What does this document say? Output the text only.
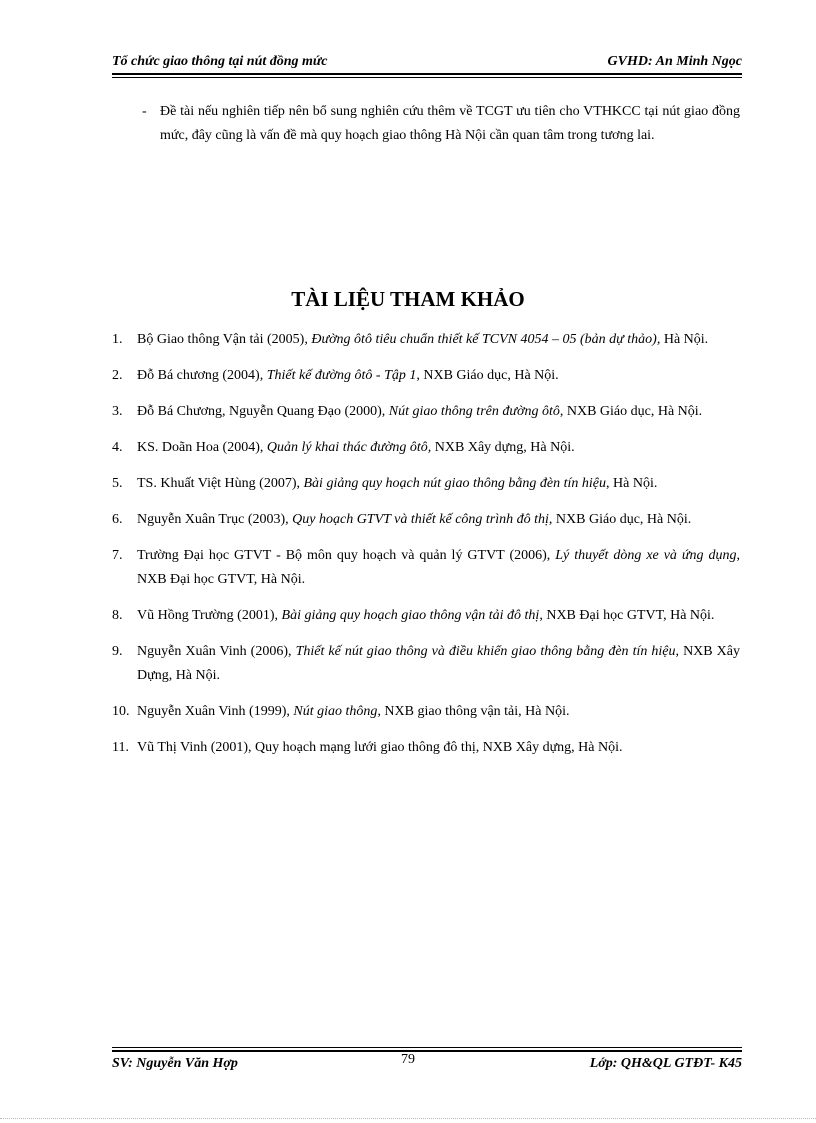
Tổ chức giao thông tại nút đồng mức	GVHD: An Minh Ngọc
- Đề tài nếu nghiên tiếp nên bổ sung nghiên cứu thêm về TCGT ưu tiên cho VTHKCC tại nút giao đồng mức, đây cũng là vấn đề mà quy hoạch giao thông Hà Nội cần quan tâm trong tương lai.
TÀI LIỆU THAM KHẢO
1. Bộ Giao thông Vận tải (2005), Đường ôtô tiêu chuẩn thiết kế TCVN 4054 – 05 (bản dự thảo), Hà Nội.
2. Đỗ Bá chương (2004), Thiết kế đường ôtô - Tập 1, NXB Giáo dục, Hà Nội.
3. Đỗ Bá Chương, Nguyễn Quang Đạo (2000), Nút giao thông trên đường ôtô, NXB Giáo dục, Hà Nội.
4. KS. Doãn Hoa (2004), Quản lý khai thác đường ôtô, NXB Xây dựng, Hà Nội.
5. TS. Khuất Việt Hùng (2007), Bài giảng quy hoạch nút giao thông bằng đèn tín hiệu, Hà Nội.
6. Nguyễn Xuân Trục (2003), Quy hoạch GTVT và thiết kế công trình đô thị, NXB Giáo dục, Hà Nội.
7. Trường Đại học GTVT - Bộ môn quy hoạch và quản lý GTVT (2006), Lý thuyết dòng xe và ứng dụng, NXB Đại học GTVT, Hà Nội.
8. Vũ Hồng Trường (2001), Bài giảng quy hoạch giao thông vận tải đô thị, NXB Đại học GTVT, Hà Nội.
9. Nguyễn Xuân Vinh (2006), Thiết kế nút giao thông và điều khiển giao thông bằng đèn tín hiệu, NXB Xây Dựng, Hà Nội.
10. Nguyễn Xuân Vinh (1999), Nút giao thông, NXB giao thông vận tải, Hà Nội.
11. Vũ Thị Vinh (2001), Quy hoạch mạng lưới giao thông đô thị, NXB Xây dựng, Hà Nội.
SV: Nguyễn Văn Hợp	79	Lớp: QH&QL GTĐT- K45
